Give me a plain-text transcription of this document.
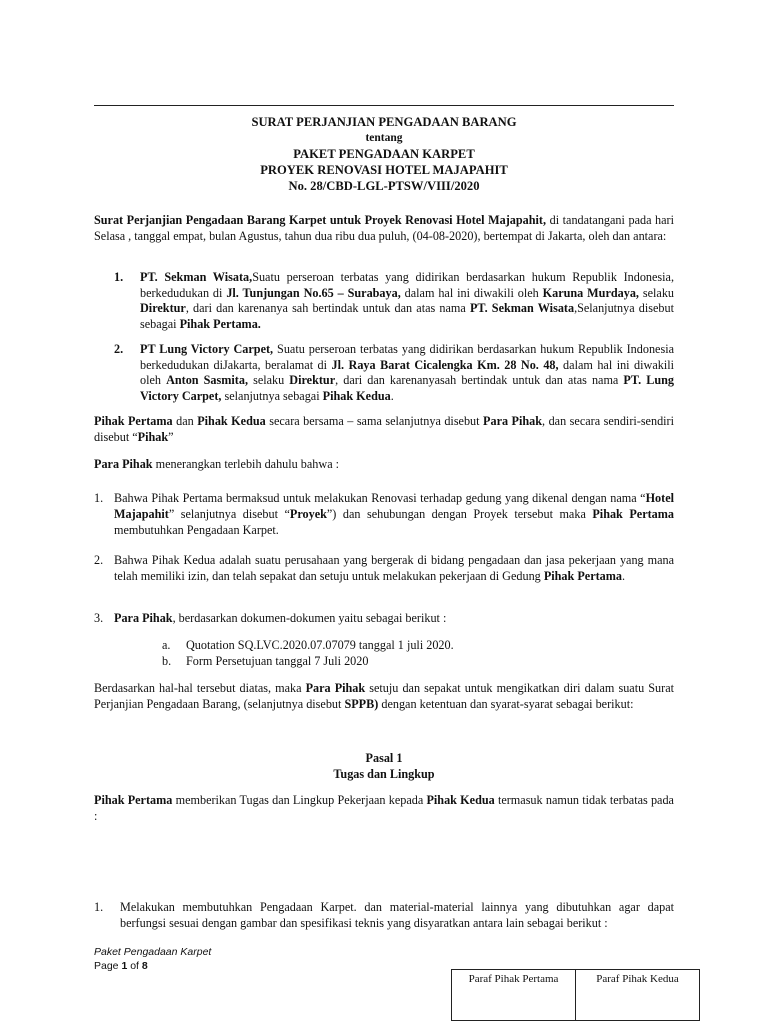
SURAT PERJANJIAN PENGADAAN BARANG
tentang
PAKET PENGADAAN KARPET
PROYEK RENOVASI HOTEL MAJAPAHIT
No. 28/CBD-LGL-PTSW/VIII/2020
Surat Perjanjian Pengadaan Barang Karpet untuk Proyek Renovasi Hotel Majapahit, di tandatangani pada hari Selasa , tanggal empat, bulan Agustus, tahun dua ribu dua puluh, (04-08-2020), bertempat di Jakarta, oleh dan antara:
1.	PT. Sekman Wisata,Suatu perseroan terbatas yang didirikan berdasarkan hukum Republik Indonesia, berkedudukan di Jl. Tunjungan No.65 – Surabaya, dalam hal ini diwakili oleh Karuna Murdaya, selaku Direktur, dari dan karenanya sah bertindak untuk dan atas nama PT. Sekman Wisata,Selanjutnya disebut sebagai Pihak Pertama.
2.	PT Lung Victory Carpet, Suatu perseroan terbatas yang didirikan berdasarkan hukum Republik Indonesia berkedudukan diJakarta, beralamat di Jl. Raya Barat Cicalengka Km. 28 No. 48, dalam hal ini diwakili oleh Anton Sasmita, selaku Direktur, dari dan karenanyasah bertindak untuk dan atas nama PT. Lung Victory Carpet, selanjutnya sebagai Pihak Kedua.
Pihak Pertama dan Pihak Kedua secara bersama – sama selanjutnya disebut Para Pihak, dan secara sendiri-sendiri disebut “Pihak”
Para Pihak menerangkan terlebih dahulu bahwa :
1. Bahwa Pihak Pertama bermaksud untuk melakukan Renovasi terhadap gedung yang dikenal dengan nama “Hotel Majapahit” selanjutnya disebut “Proyek”) dan sehubungan dengan Proyek tersebut maka Pihak Pertama membutuhkan Pengadaan Karpet.
2. Bahwa Pihak Kedua adalah suatu perusahaan yang bergerak di bidang pengadaan dan jasa pekerjaan yang mana telah memiliki izin, dan telah sepakat dan setuju untuk melakukan pekerjaan di Gedung Pihak Pertama.
3. Para Pihak, berdasarkan dokumen-dokumen yaitu sebagai berikut :
a.	Quotation SQ.LVC.2020.07.07079 tanggal 1 juli 2020.
b.	Form Persetujuan tanggal 7 Juli 2020
Berdasarkan hal-hal tersebut diatas, maka Para Pihak setuju dan sepakat untuk mengikatkan diri dalam suatu Surat Perjanjian Pengadaan Barang, (selanjutnya disebut SPPB) dengan ketentuan dan syarat-syarat sebagai berikut:
Pasal 1
Tugas dan Lingkup
Pihak Pertama memberikan Tugas dan Lingkup Pekerjaan kepada Pihak Kedua termasuk namun tidak terbatas pada :
1.	Melakukan membutuhkan Pengadaan Karpet. dan material-material lainnya yang dibutuhkan agar dapat berfungsi sesuai dengan gambar dan spesifikasi teknis yang disyaratkan antara lain sebagai berikut :
Paket Pengadaan Karpet
Page 1 of 8
Paraf Pihak Pertama	Paraf Pihak Kedua
